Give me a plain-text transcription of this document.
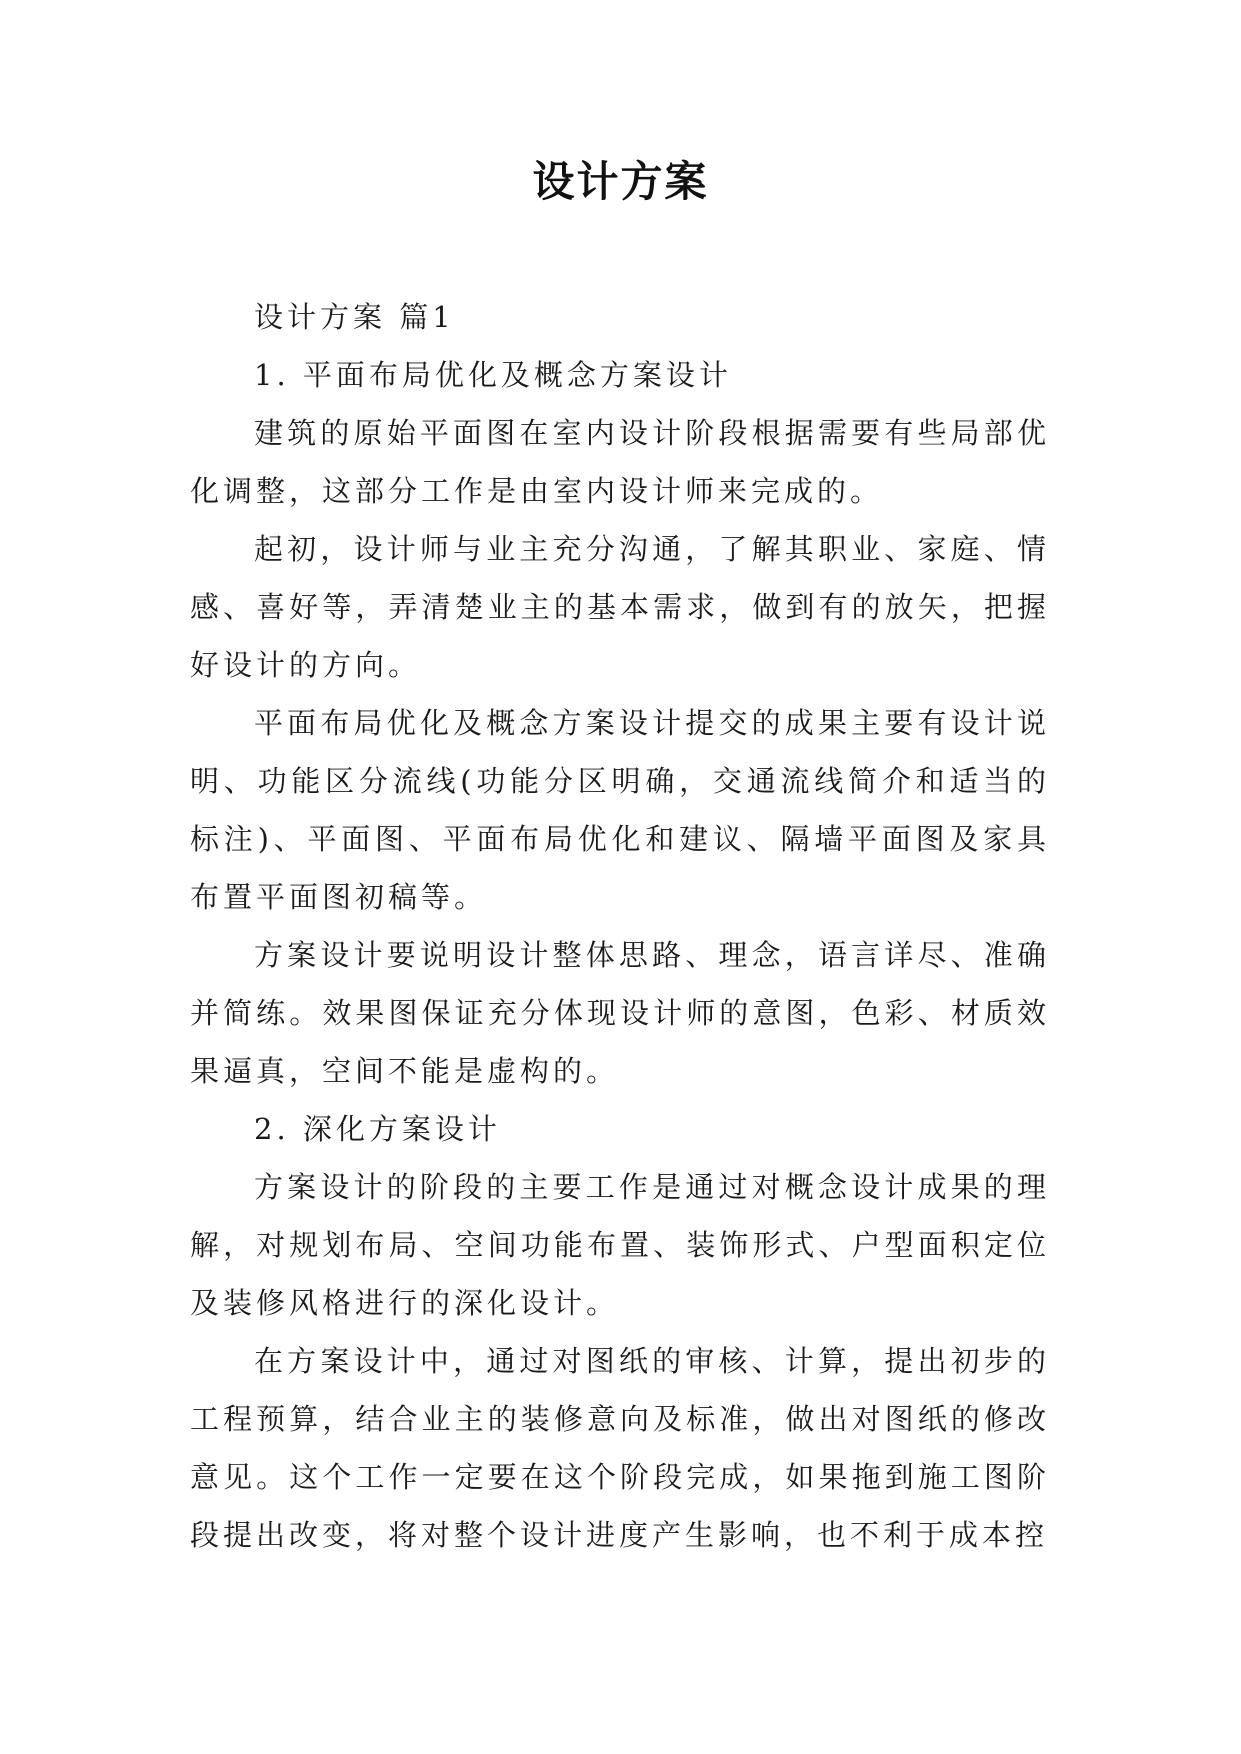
设计方案

设计方案 篇1

1. 平面布局优化及概念方案设计

建筑的原始平面图在室内设计阶段根据需要有些局部优化调整，这部分工作是由室内设计师来完成的。

起初，设计师与业主充分沟通，了解其职业、家庭、情感、喜好等，弄清楚业主的基本需求，做到有的放矢，把握好设计的方向。

平面布局优化及概念方案设计提交的成果主要有设计说明、功能区分流线(功能分区明确，交通流线简介和适当的标注)、平面图、平面布局优化和建议、隔墙平面图及家具布置平面图初稿等。

方案设计要说明设计整体思路、理念，语言详尽、准确并简练。效果图保证充分体现设计师的意图，色彩、材质效果逼真，空间不能是虚构的。

2. 深化方案设计

方案设计的阶段的主要工作是通过对概念设计成果的理解，对规划布局、空间功能布置、装饰形式、户型面积定位及装修风格进行的深化设计。

在方案设计中，通过对图纸的审核、计算，提出初步的工程预算，结合业主的装修意向及标准，做出对图纸的修改意见。这个工作一定要在这个阶段完成，如果拖到施工图阶段提出改变，将对整个设计进度产生影响，也不利于成本控
